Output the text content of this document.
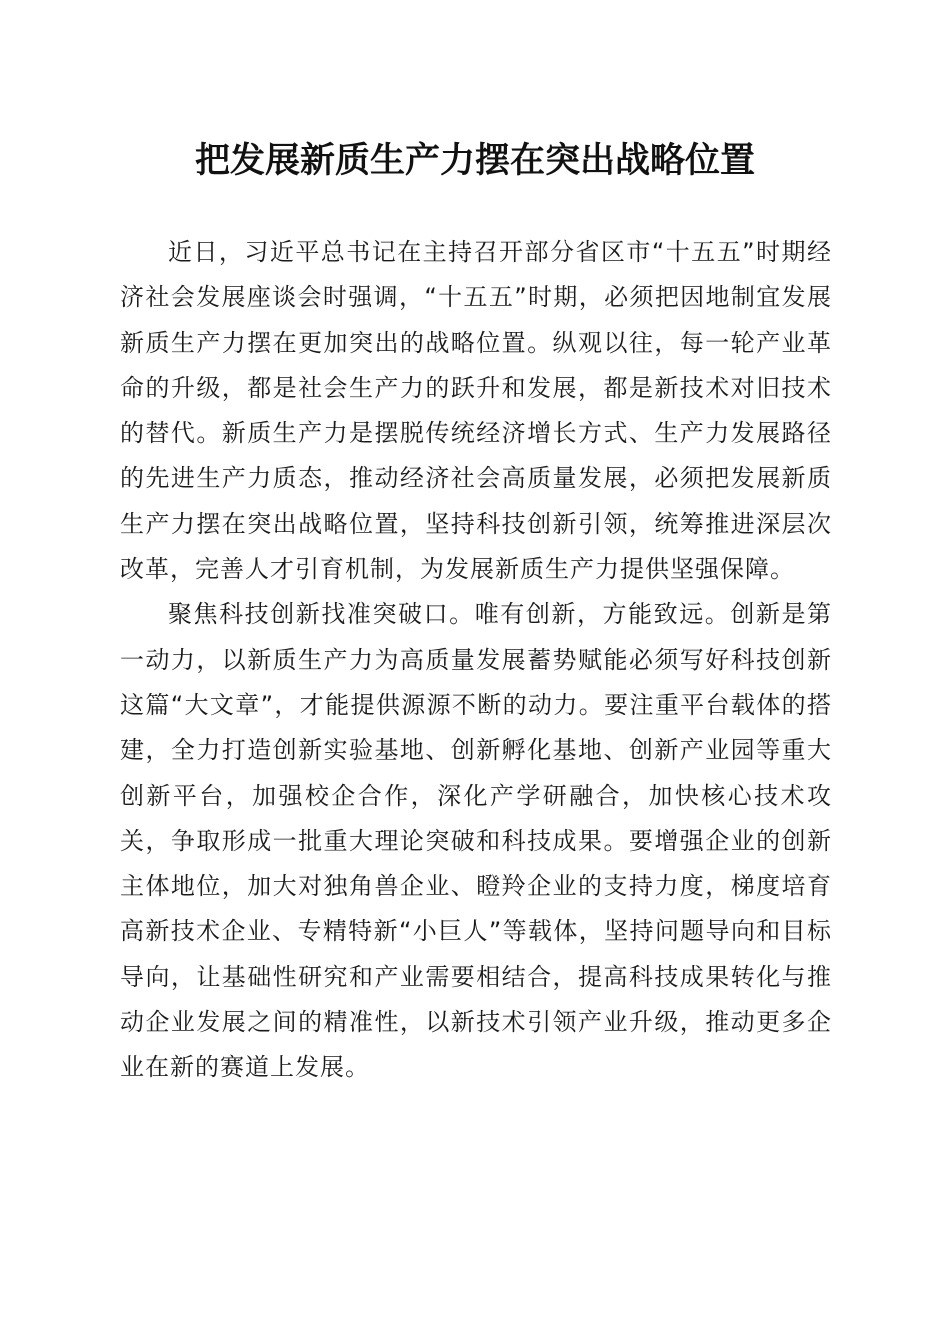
把发展新质生产力摆在突出战略位置

近日，习近平总书记在主持召开部分省区市“十五五”时期经济社会发展座谈会时强调，“十五五”时期，必须把因地制宜发展新质生产力摆在更加突出的战略位置。纵观以往，每一轮产业革命的升级，都是社会生产力的跃升和发展，都是新技术对旧技术的替代。新质生产力是摆脱传统经济增长方式、生产力发展路径的先进生产力质态，推动经济社会高质量发展，必须把发展新质生产力摆在突出战略位置，坚持科技创新引领，统筹推进深层次改革，完善人才引育机制，为发展新质生产力提供坚强保障。

聚焦科技创新找准突破口。唯有创新，方能致远。创新是第一动力，以新质生产力为高质量发展蓄势赋能必须写好科技创新这篇“大文章”，才能提供源源不断的动力。要注重平台载体的搭建，全力打造创新实验基地、创新孵化基地、创新产业园等重大创新平台，加强校企合作，深化产学研融合，加快核心技术攻关，争取形成一批重大理论突破和科技成果。要增强企业的创新主体地位，加大对独角兽企业、瞪羚企业的支持力度，梯度培育高新技术企业、专精特新“小巨人”等载体，坚持问题导向和目标导向，让基础性研究和产业需要相结合，提高科技成果转化与推动企业发展之间的精准性，以新技术引领产业升级，推动更多企业在新的赛道上发展。
